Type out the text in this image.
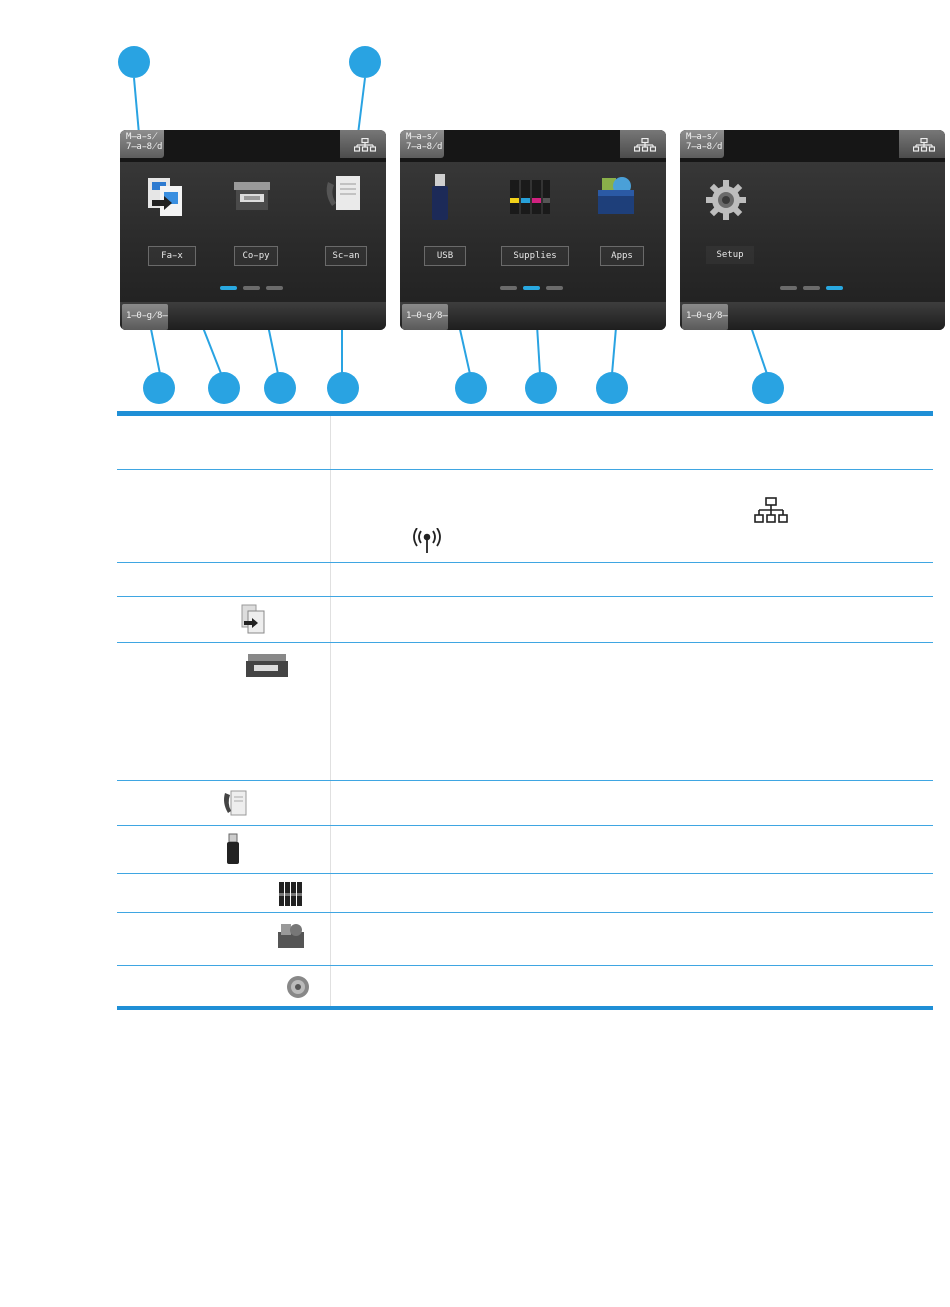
M̶a̵s̸
7̶a̵8̸d
Fa̵x	Co̵py	Sc̵an
1̶0̵g̸8̶
M̶a̵s̸
7̶a̵8̸d
USB	Supplies	Apps
1̶0̵g̸8̶
M̶a̵s̸
7̶a̵8̸d
Setup
1̶0̵g̸8̶
